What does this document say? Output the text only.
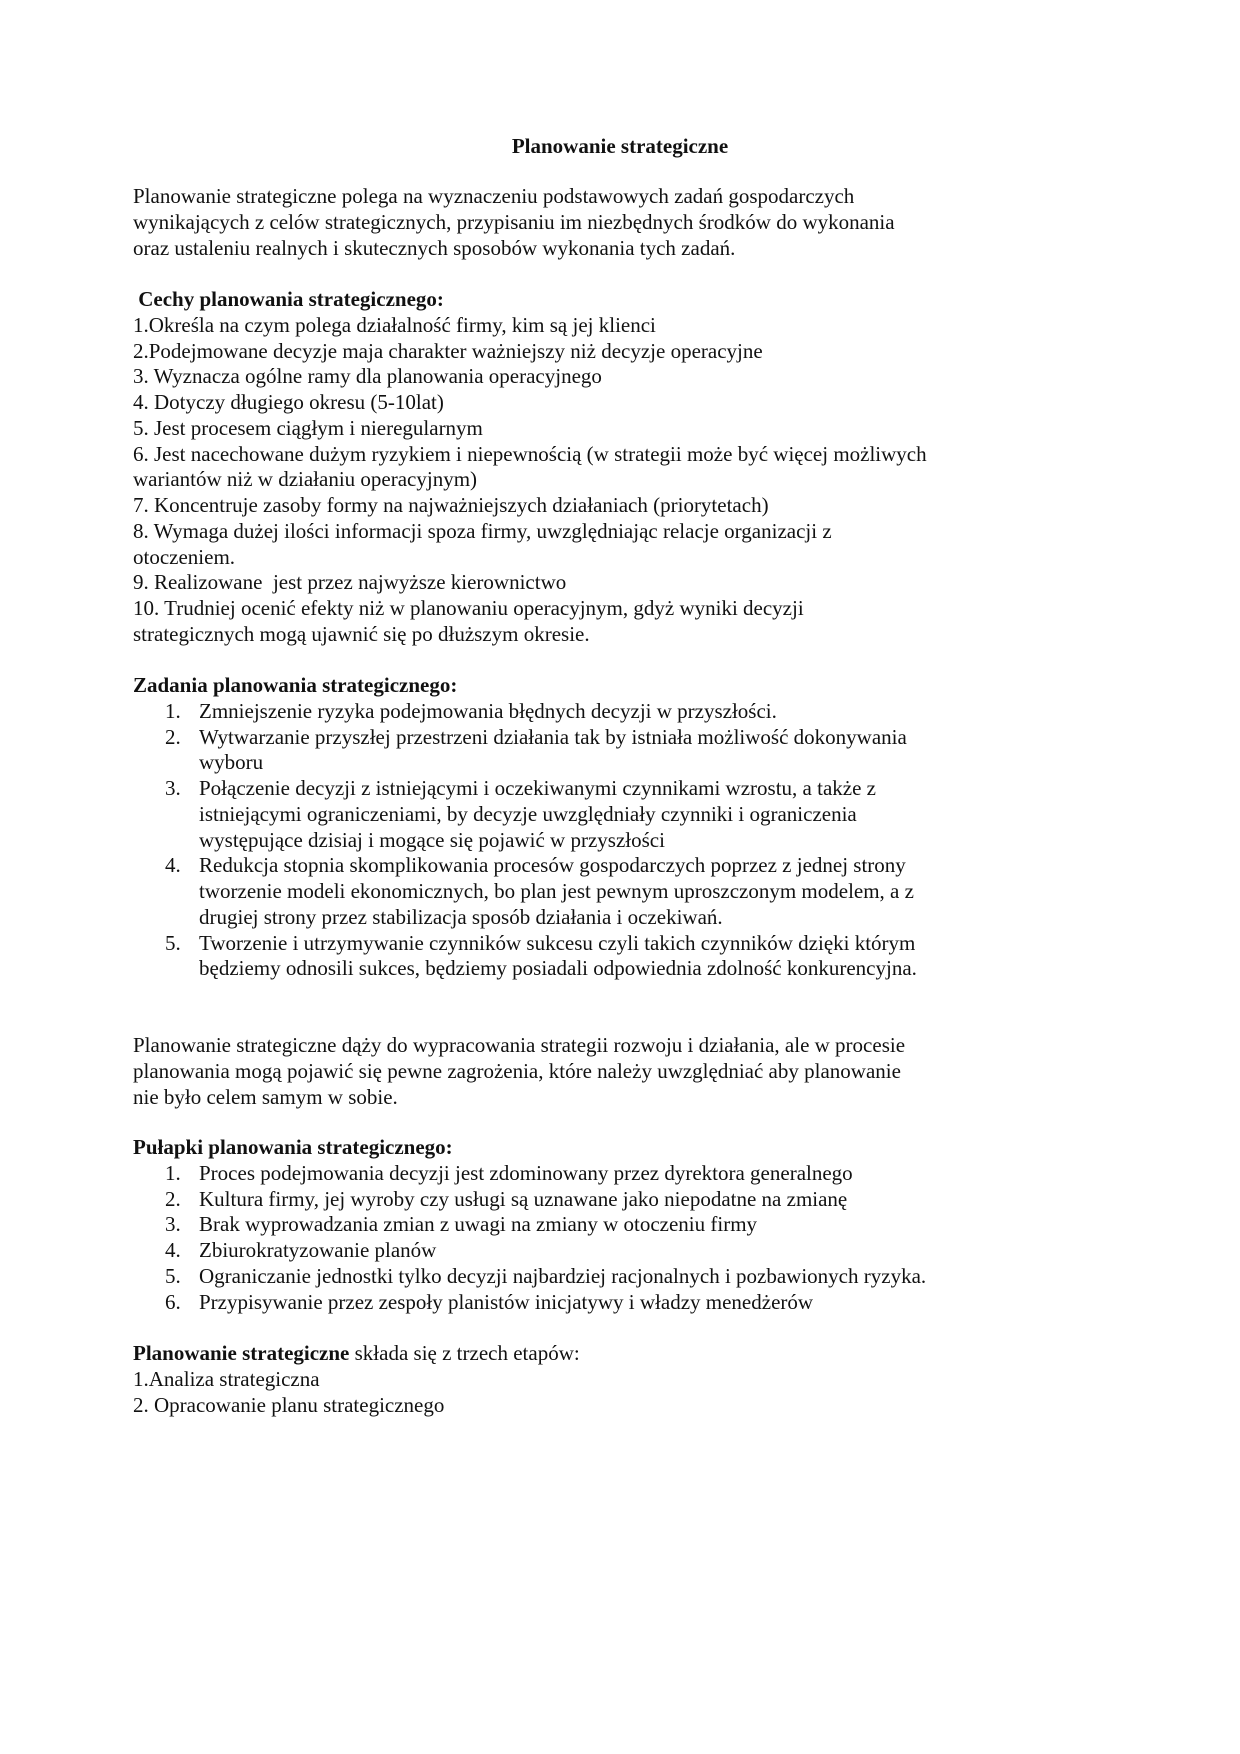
Planowanie strategiczne
Planowanie strategiczne polega na wyznaczeniu podstawowych zadań gospodarczych
wynikających z celów strategicznych, przypisaniu im niezbędnych środków do wykonania
oraz ustaleniu realnych i skutecznych sposobów wykonania tych zadań.
Cechy planowania strategicznego:
1.Określa na czym polega działalność firmy, kim są jej klienci
2.Podejmowane decyzje maja charakter ważniejszy niż decyzje operacyjne
3. Wyznacza ogólne ramy dla planowania operacyjnego
4. Dotyczy długiego okresu (5-10lat)
5. Jest procesem ciągłym i nieregularnym
6. Jest nacechowane dużym ryzykiem i niepewnością (w strategii może być więcej możliwych
wariantów niż w działaniu operacyjnym)
7. Koncentruje zasoby formy na najważniejszych działaniach (priorytetach)
8. Wymaga dużej ilości informacji spoza firmy, uwzględniając relacje organizacji z
otoczeniem.
9. Realizowane  jest przez najwyższe kierownictwo
10. Trudniej ocenić efekty niż w planowaniu operacyjnym, gdyż wyniki decyzji
strategicznych mogą ujawnić się po dłuższym okresie.
Zadania planowania strategicznego:
1. Zmniejszenie ryzyka podejmowania błędnych decyzji w przyszłości.
2. Wytwarzanie przyszłej przestrzeni działania tak by istniała możliwość dokonywania
wyboru
3. Połączenie decyzji z istniejącymi i oczekiwanymi czynnikami wzrostu, a także z
istniejącymi ograniczeniami, by decyzje uwzględniały czynniki i ograniczenia
występujące dzisiaj i mogące się pojawić w przyszłości
4. Redukcja stopnia skomplikowania procesów gospodarczych poprzez z jednej strony
tworzenie modeli ekonomicznych, bo plan jest pewnym uproszczonym modelem, a z
drugiej strony przez stabilizacja sposób działania i oczekiwań.
5. Tworzenie i utrzymywanie czynników sukcesu czyli takich czynników dzięki którym
będziemy odnosili sukces, będziemy posiadali odpowiednia zdolność konkurencyjna.
Planowanie strategiczne dąży do wypracowania strategii rozwoju i działania, ale w procesie
planowania mogą pojawić się pewne zagrożenia, które należy uwzględniać aby planowanie
nie było celem samym w sobie.
Pułapki planowania strategicznego:
1. Proces podejmowania decyzji jest zdominowany przez dyrektora generalnego
2. Kultura firmy, jej wyroby czy usługi są uznawane jako niepodatne na zmianę
3. Brak wyprowadzania zmian z uwagi na zmiany w otoczeniu firmy
4. Zbiurokratyzowanie planów
5. Ograniczanie jednostki tylko decyzji najbardziej racjonalnych i pozbawionych ryzyka.
6. Przypisywanie przez zespoły planistów inicjatywy i władzy menedżerów
Planowanie strategiczne składa się z trzech etapów:
1.Analiza strategiczna
2. Opracowanie planu strategicznego
